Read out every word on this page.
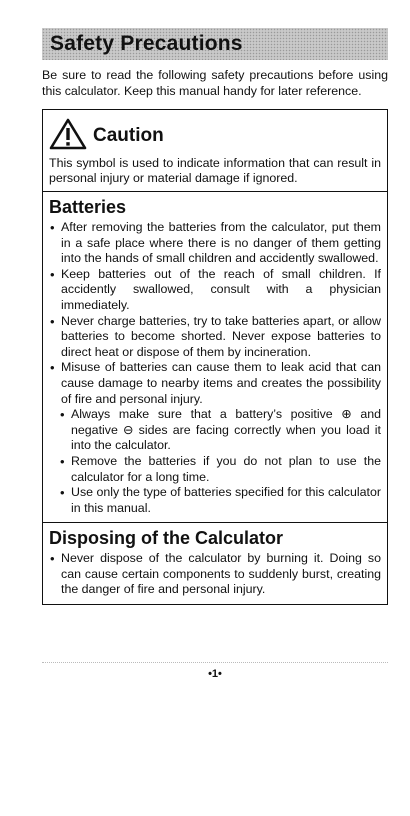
Safety Precautions

Be sure to read the following safety precautions before using this calculator. Keep this manual handy for later reference.

Caution
This symbol is used to indicate information that can result in personal injury or material damage if ignored.
Batteries
• After removing the batteries from the calculator, put them in a safe place where there is no danger of them getting into the hands of small children and accidently swallowed.
• Keep batteries out of the reach of small children. If accidently swallowed, consult with a physician immediately.
• Never charge batteries, try to take batteries apart, or allow batteries to become shorted. Never expose batteries to direct heat or dispose of them by incineration.
• Misuse of batteries can cause them to leak acid that can cause damage to nearby items and creates the possibility of fire and personal injury.
• Always make sure that a battery’s positive ⊕ and negative ⊖ sides are facing correctly when you load it into the calculator.
• Remove the batteries if you do not plan to use the calculator for a long time.
• Use only the type of batteries specified for this calculator in this manual.
Disposing of the Calculator
• Never dispose of the calculator by burning it. Doing so can cause certain components to suddenly burst, creating the danger of fire and personal injury.
•1•
